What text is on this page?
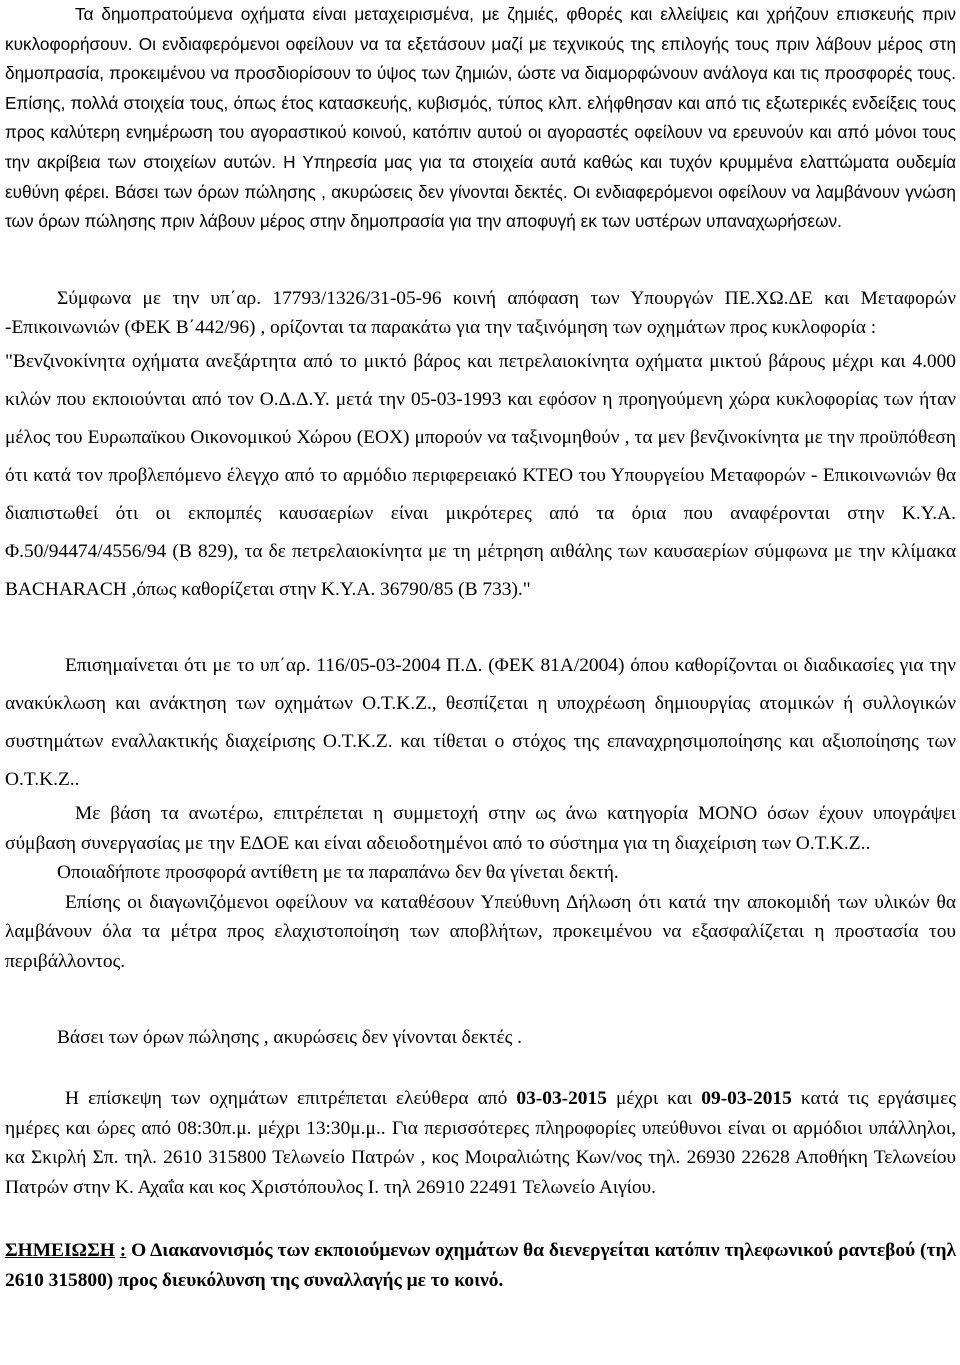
Τα δημοπρατούμενα οχήματα είναι μεταχειρισμένα, με ζημιές, φθορές και ελλείψεις και χρήζουν επισκευής πριν κυκλοφορήσουν. Οι ενδιαφερόμενοι οφείλουν να τα εξετάσουν μαζί με τεχνικούς της επιλογής τους πριν λάβουν μέρος στη δημοπρασία, προκειμένου να προσδιορίσουν το ύψος των ζημιών, ώστε να διαμορφώνουν ανάλογα και τις προσφορές τους. Επίσης, πολλά στοιχεία τους, όπως έτος κατασκευής, κυβισμός, τύπος κλπ. ελήφθησαν και από τις εξωτερικές ενδείξεις τους προς καλύτερη ενημέρωση του αγοραστικού κοινού, κατόπιν αυτού οι αγοραστές οφείλουν να ερευνούν και από μόνοι τους την ακρίβεια των στοιχείων αυτών. Η Υπηρεσία μας για τα στοιχεία αυτά καθώς και τυχόν κρυμμένα ελαττώματα ουδεμία ευθύνη φέρει. Βάσει των όρων πώλησης , ακυρώσεις δεν γίνονται δεκτές. Οι ενδιαφερόμενοι οφείλουν να λαμβάνουν γνώση των όρων πώλησης πριν λάβουν μέρος στην δημοπρασία για την αποφυγή εκ των υστέρων υπαναχωρήσεων.

Σύμφωνα με την υπ΄αρ. 17793/1326/31-05-96 κοινή απόφαση των Υπουργών ΠΕ.ΧΩ.ΔΕ και Μεταφορών -Επικοινωνιών (ΦΕΚ Β΄442/96) , ορίζονται τα παρακάτω για την ταξινόμηση των οχημάτων προς κυκλοφορία :

"Βενζινοκίνητα οχήματα ανεξάρτητα από το μικτό βάρος και πετρελαιοκίνητα οχήματα μικτού βάρους μέχρι και 4.000 κιλών που εκποιούνται από τον Ο.Δ.Δ.Υ. μετά την 05-03-1993 και εφόσον η προηγούμενη χώρα κυκλοφορίας των ήταν μέλος του Ευρωπαϊκου Οικονομικού Χώρου (ΕΟΧ) μπορούν να ταξινομηθούν , τα μεν βενζινοκίνητα με την προϋπόθεση ότι κατά τον προβλεπόμενο έλεγχο από το αρμόδιο περιφερειακό ΚΤΕΟ του Υπουργείου Μεταφορών - Επικοινωνιών θα διαπιστωθεί ότι οι εκπομπές καυσαερίων είναι μικρότερες από τα όρια που αναφέρονται στην Κ.Υ.Α. Φ.50/94474/4556/94 (Β 829), τα δε πετρελαιοκίνητα με τη μέτρηση αιθάλης των καυσαερίων σύμφωνα με την κλίμακα BACHARACH ,όπως καθορίζεται στην Κ.Υ.Α. 36790/85 (Β 733)."

Επισημαίνεται ότι με το υπ΄αρ. 116/05-03-2004 Π.Δ. (ΦΕΚ 81Α/2004) όπου καθορίζονται οι διαδικασίες για την ανακύκλωση και ανάκτηση των οχημάτων Ο.Τ.Κ.Ζ., θεσπίζεται η υποχρέωση δημιουργίας ατομικών ή συλλογικών συστημάτων εναλλακτικής διαχείρισης Ο.Τ.Κ.Ζ. και τίθεται ο στόχος της επαναχρησιμοποίησης και αξιοποίησης των Ο.Τ.Κ.Ζ..

Με βάση τα ανωτέρω, επιτρέπεται η συμμετοχή στην ως άνω κατηγορία ΜΟΝΟ όσων έχουν υπογράψει σύμβαση συνεργασίας με την ΕΔΟΕ και είναι αδειοδοτημένοι από το σύστημα για τη διαχείριση των Ο.Τ.Κ.Ζ..

Οποιαδήποτε προσφορά αντίθετη με τα παραπάνω δεν θα γίνεται δεκτή.

Επίσης οι διαγωνιζόμενοι οφείλουν να καταθέσουν Υπεύθυνη Δήλωση ότι κατά την αποκομιδή των υλικών θα λαμβάνουν όλα τα μέτρα προς ελαχιστοποίηση των αποβλήτων, προκειμένου να εξασφαλίζεται η προστασία του περιβάλλοντος.

Βάσει των όρων πώλησης , ακυρώσεις δεν γίνονται δεκτές .

Η επίσκεψη των οχημάτων επιτρέπεται ελεύθερα από 03-03-2015 μέχρι και 09-03-2015 κατά τις εργάσιμες ημέρες και ώρες από 08:30π.μ. μέχρι 13:30μ.μ.. Για περισσότερες πληροφορίες υπεύθυνοι είναι οι αρμόδιοι υπάλληλοι, κα Σκιρλή Σπ. τηλ. 2610 315800 Τελωνείο Πατρών , κος Μοιραλιώτης Κων/νος τηλ. 26930 22628 Αποθήκη Τελωνείου Πατρών στην Κ. Αχαΐα και κος Χριστόπουλος Ι. τηλ 26910 22491 Τελωνείο Αιγίου.

ΣΗΜΕΙΩΣΗ : Ο Διακανονισμός των εκποιούμενων οχημάτων θα διενεργείται κατόπιν τηλεφωνικού ραντεβού (τηλ 2610 315800) προς διευκόλυνση της συναλλαγής με το κοινό.
